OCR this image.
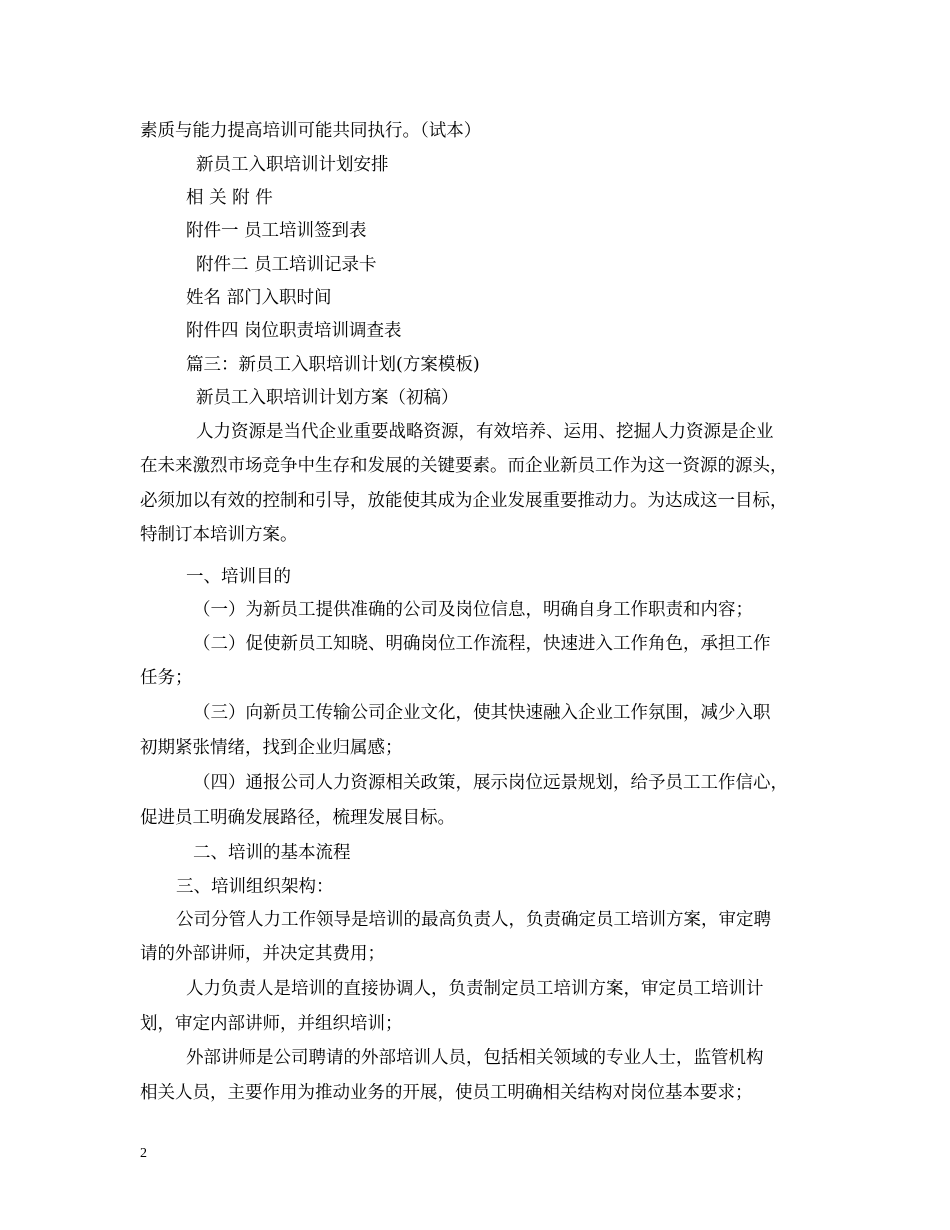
素质与能力提高培训可能共同执行。（试本）

新员工入职培训计划安排

相 关 附 件

附件一 员工培训签到表

附件二 员工培训记录卡

姓名 部门入职时间

附件四 岗位职责培训调查表

篇三：新员工入职培训计划(方案模板)

新员工入职培训计划方案（初稿）

人力资源是当代企业重要战略资源，有效培养、运用、挖掘人力资源是企业

在未来激烈市场竞争中生存和发展的关键要素。而企业新员工作为这一资源的源头，

必须加以有效的控制和引导，放能使其成为企业发展重要推动力。为达成这一目标，

特制订本培训方案。

一、培训目的

（一）为新员工提供准确的公司及岗位信息，明确自身工作职责和内容；

（二）促使新员工知晓、明确岗位工作流程，快速进入工作角色，承担工作

任务；

（三）向新员工传输公司企业文化，使其快速融入企业工作氛围，减少入职

初期紧张情绪，找到企业归属感；

（四）通报公司人力资源相关政策，展示岗位远景规划，给予员工工作信心，

促进员工明确发展路径，梳理发展目标。

二、培训的基本流程

三、培训组织架构：

公司分管人力工作领导是培训的最高负责人，负责确定员工培训方案，审定聘

请的外部讲师，并决定其费用；

人力负责人是培训的直接协调人，负责制定员工培训方案，审定员工培训计

划，审定内部讲师，并组织培训；

外部讲师是公司聘请的外部培训人员，包括相关领域的专业人士，监管机构

相关人员，主要作用为推动业务的开展，使员工明确相关结构对岗位基本要求；

2
